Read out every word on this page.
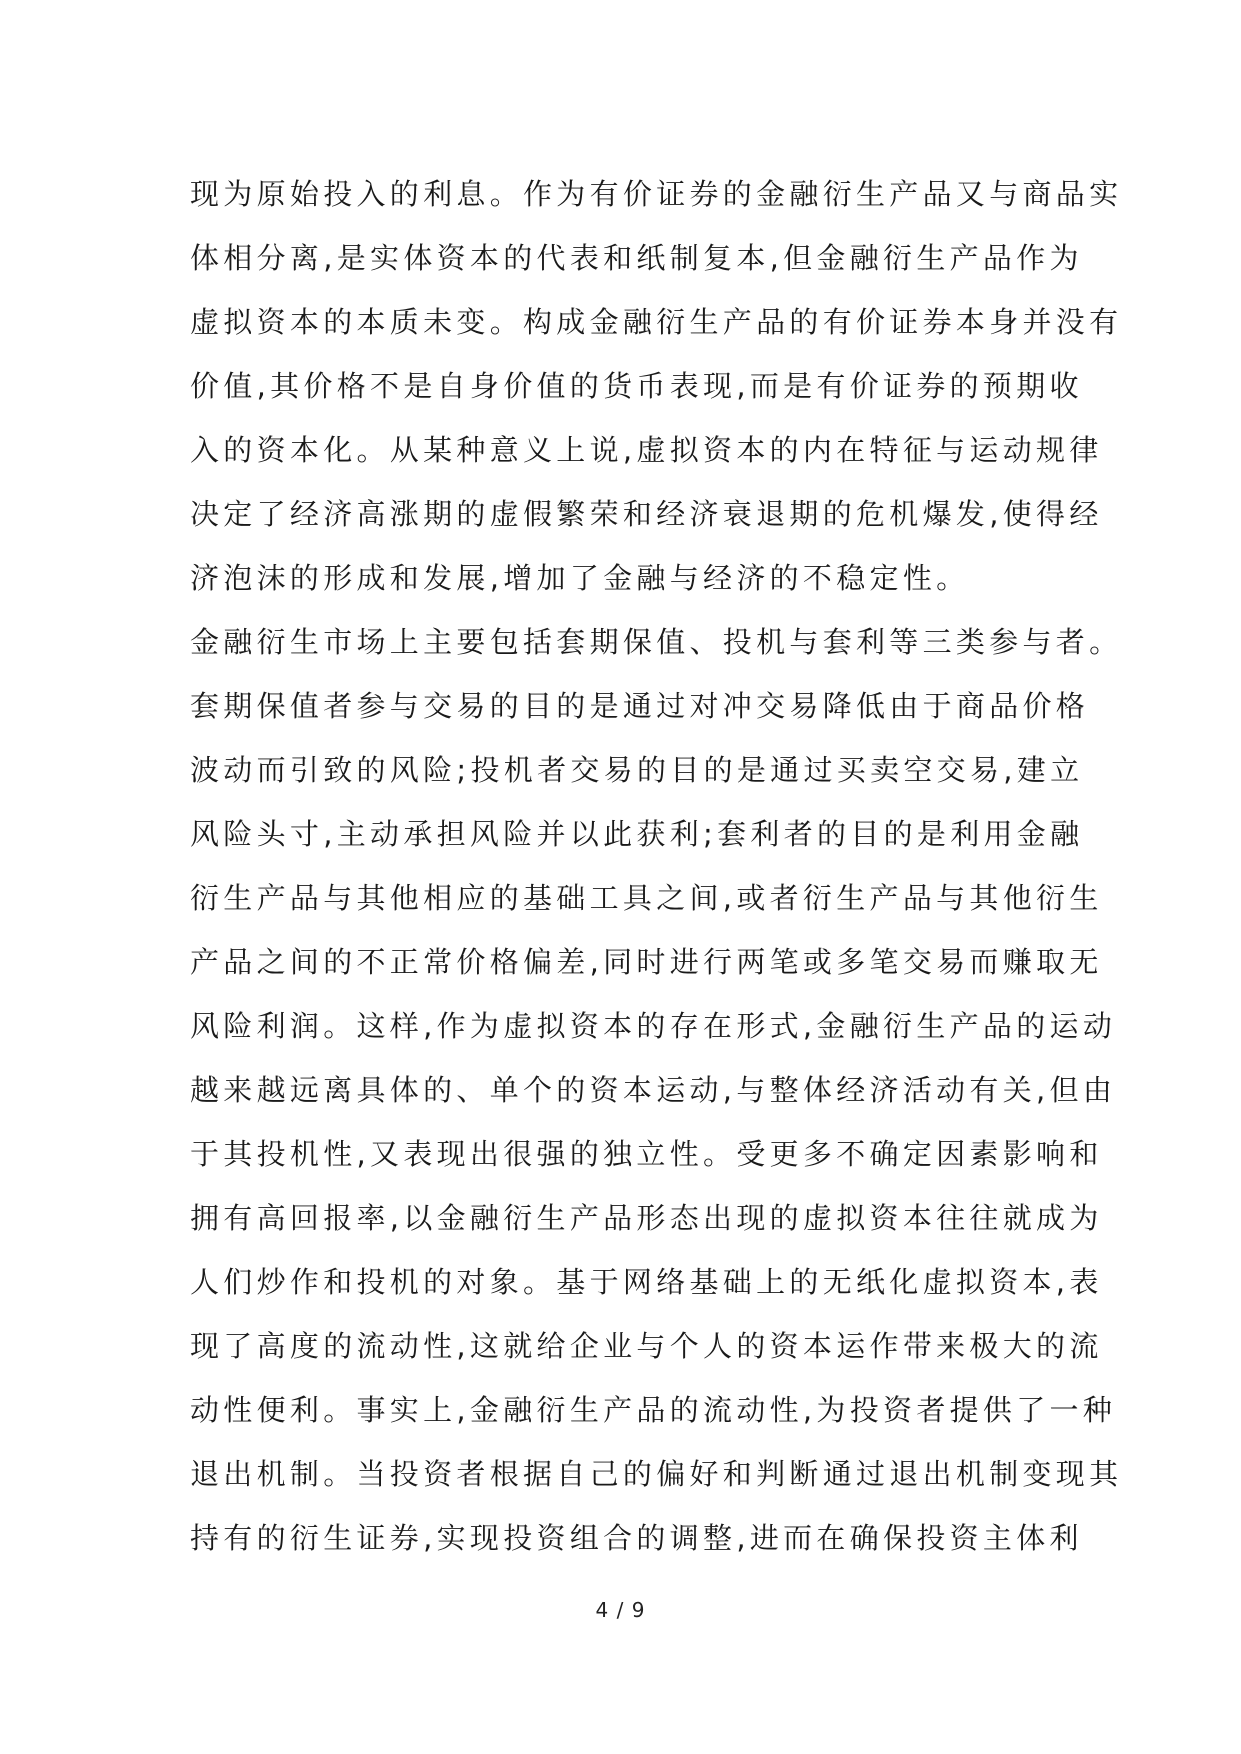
现为原始投入的利息。作为有价证券的金融衍生产品又与商品实
体相分离,是实体资本的代表和纸制复本,但金融衍生产品作为
虚拟资本的本质未变。构成金融衍生产品的有价证券本身并没有
价值,其价格不是自身价值的货币表现,而是有价证券的预期收
入的资本化。从某种意义上说,虚拟资本的内在特征与运动规律
决定了经济高涨期的虚假繁荣和经济衰退期的危机爆发,使得经
济泡沫的形成和发展,增加了金融与经济的不稳定性。
金融衍生市场上主要包括套期保值、投机与套利等三类参与者。
套期保值者参与交易的目的是通过对冲交易降低由于商品价格
波动而引致的风险;投机者交易的目的是通过买卖空交易,建立
风险头寸,主动承担风险并以此获利;套利者的目的是利用金融
衍生产品与其他相应的基础工具之间,或者衍生产品与其他衍生
产品之间的不正常价格偏差,同时进行两笔或多笔交易而赚取无
风险利润。这样,作为虚拟资本的存在形式,金融衍生产品的运动
越来越远离具体的、单个的资本运动,与整体经济活动有关,但由
于其投机性,又表现出很强的独立性。受更多不确定因素影响和
拥有高回报率,以金融衍生产品形态出现的虚拟资本往往就成为
人们炒作和投机的对象。基于网络基础上的无纸化虚拟资本,表
现了高度的流动性,这就给企业与个人的资本运作带来极大的流
动性便利。事实上,金融衍生产品的流动性,为投资者提供了一种
退出机制。当投资者根据自己的偏好和判断通过退出机制变现其
持有的衍生证券,实现投资组合的调整,进而在确保投资主体利
4 / 9
